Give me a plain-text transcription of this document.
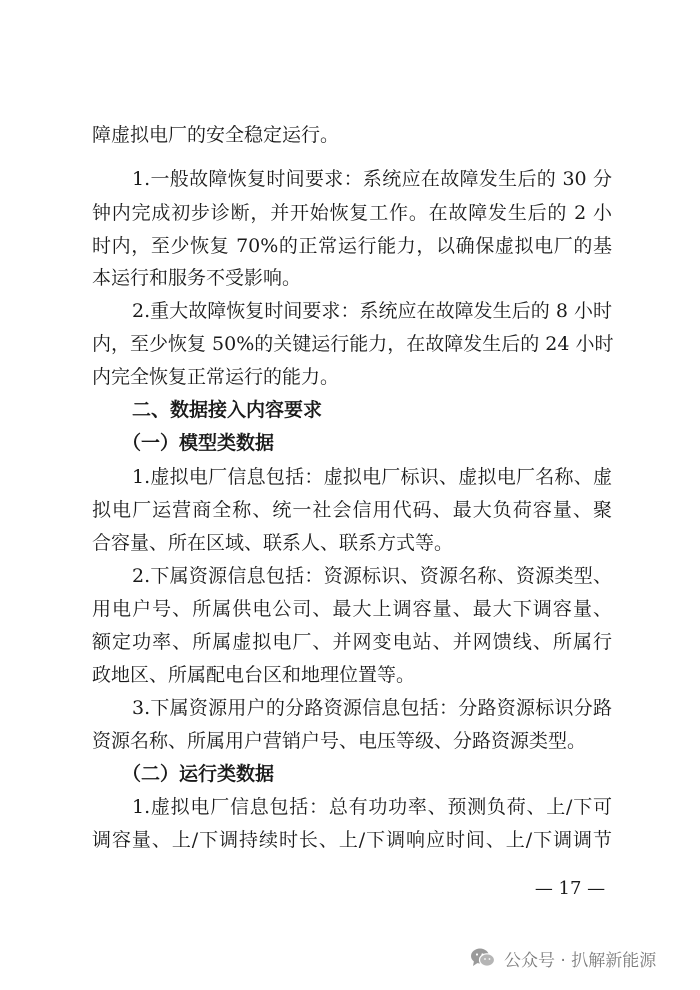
障虚拟电厂的安全稳定运行。
1.一般故障恢复时间要求：系统应在故障发生后的 30 分
钟内完成初步诊断，并开始恢复工作。在故障发生后的 2 小
时内，至少恢复 70%的正常运行能力，以确保虚拟电厂的基
本运行和服务不受影响。
2.重大故障恢复时间要求：系统应在故障发生后的 8 小时
内，至少恢复 50%的关键运行能力，在故障发生后的 24 小时
内完全恢复正常运行的能力。
二、数据接入内容要求
（一）模型类数据
1.虚拟电厂信息包括：虚拟电厂标识、虚拟电厂名称、虚
拟电厂运营商全称、统一社会信用代码、最大负荷容量、聚
合容量、所在区域、联系人、联系方式等。
2.下属资源信息包括：资源标识、资源名称、资源类型、
用电户号、所属供电公司、最大上调容量、最大下调容量、
额定功率、所属虚拟电厂、并网变电站、并网馈线、所属行
政地区、所属配电台区和地理位置等。
3.下属资源用户的分路资源信息包括：分路资源标识分路
资源名称、所属用户营销户号、电压等级、分路资源类型。
（二）运行类数据
1.虚拟电厂信息包括：总有功功率、预测负荷、上/下可
调容量、上/下调持续时长、上/下调响应时间、上/下调调节
— 17 —
公众号 · 扒解新能源
